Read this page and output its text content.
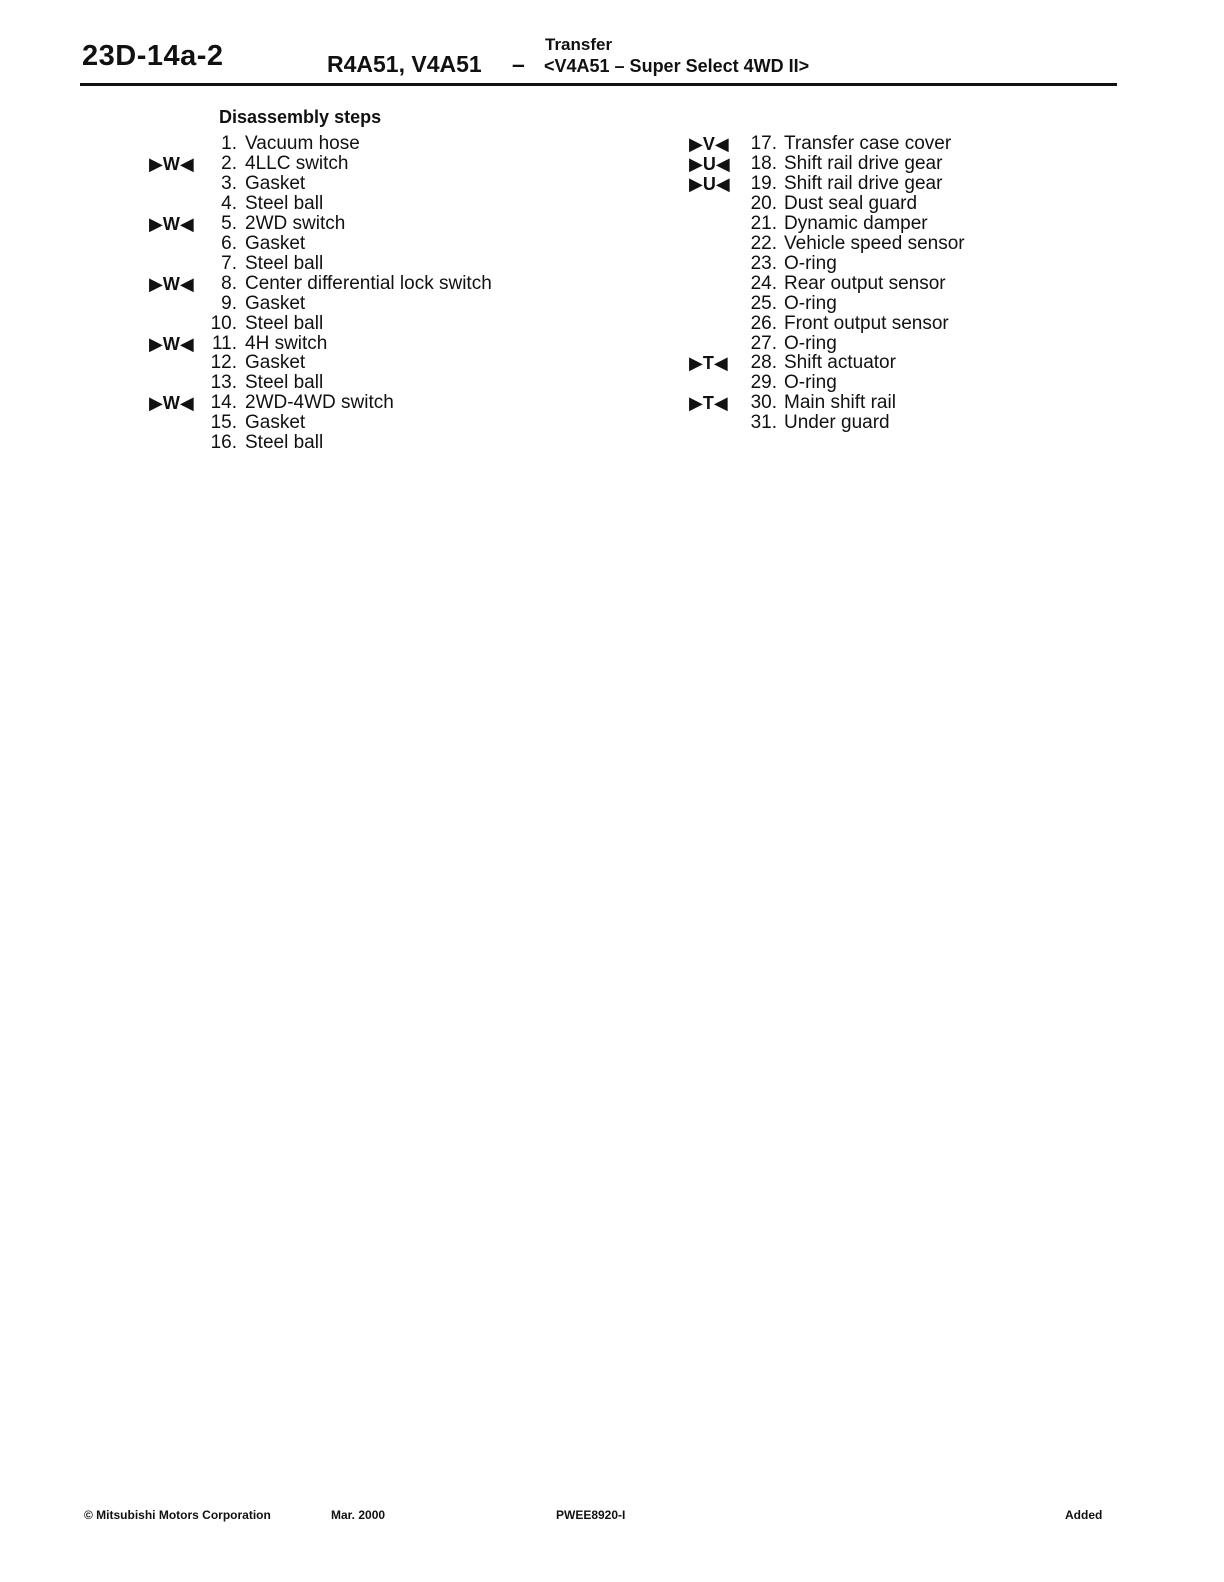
23D-14a-2	R4A51, V4A51 –
Transfer
<V4A51 – Super Select 4WD II>
Disassembly steps
1. Vacuum hose
▶W◀	2. 4LLC switch
3. Gasket
4. Steel ball
▶W◀	5. 2WD switch
6. Gasket
7. Steel ball
▶W◀	8. Center differential lock switch
9. Gasket
10. Steel ball
▶W◀ 11. 4H switch
12. Gasket
13. Steel ball
▶W◀ 14. 2WD-4WD switch
15. Gasket
16. Steel ball
▶V◀	17. Transfer case cover
▶U◀	18. Shift rail drive gear
▶U◀	19. Shift rail drive gear
20. Dust seal guard
21. Dynamic damper
22. Vehicle speed sensor
23. O-ring
24. Rear output sensor
25. O-ring
26. Front output sensor
27. O-ring
▶T◀	28. Shift actuator
29. O-ring
▶T◀	30. Main shift rail
31. Under guard
© Mitsubishi Motors Corporation	Mar. 2000	PWEE8920-I	Added
